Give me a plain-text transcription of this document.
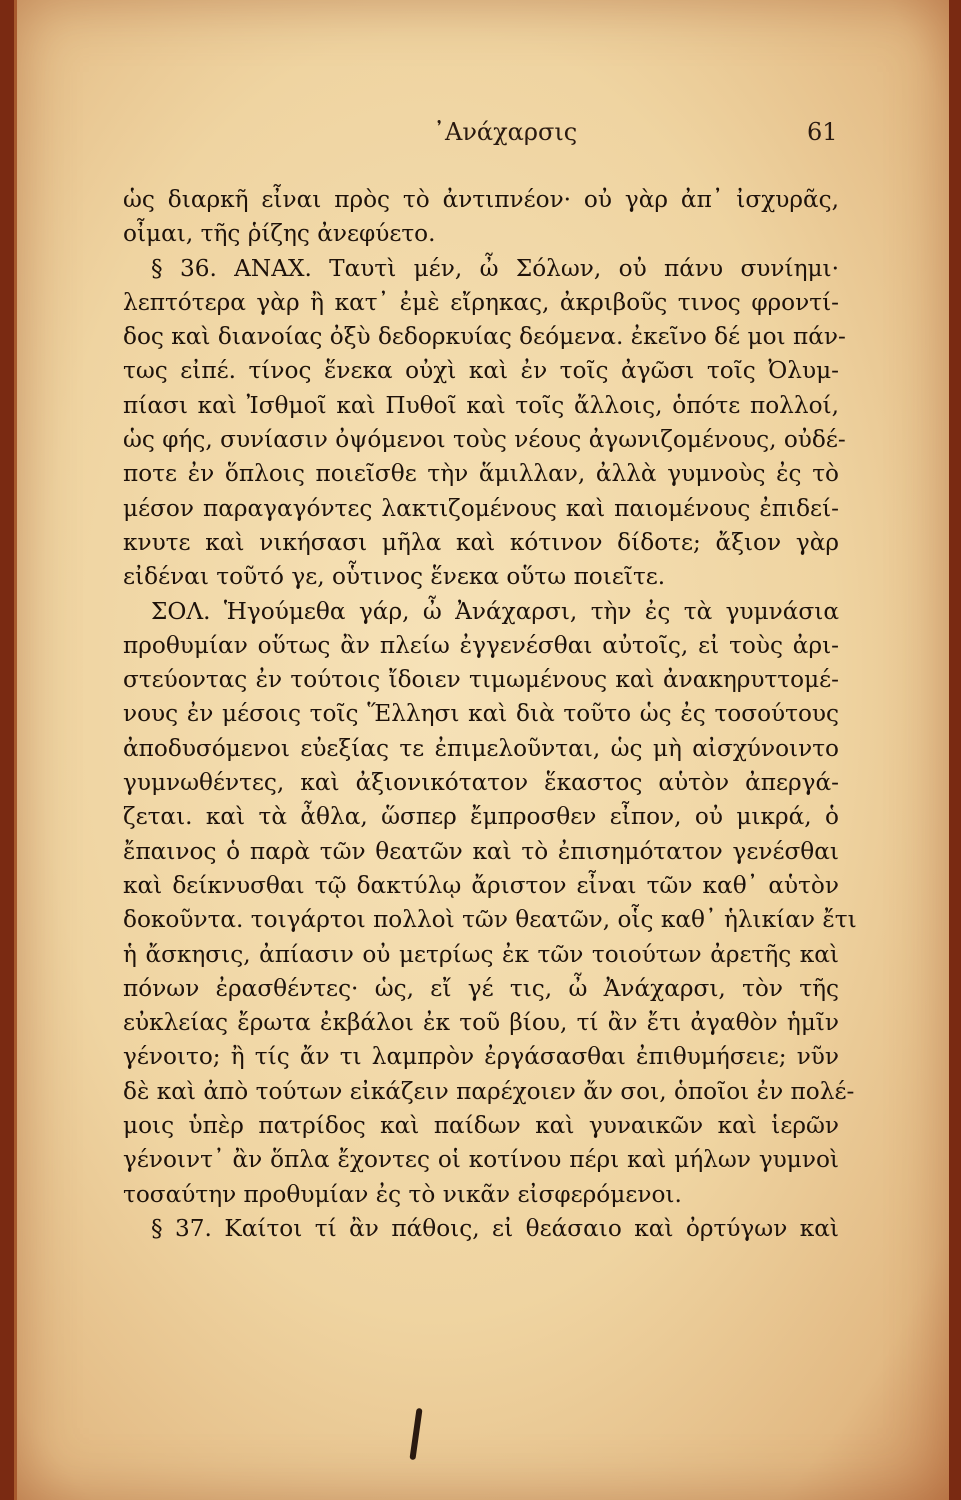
᾿Ανάχαρσις	61
ὡς διαρκῆ εἶναι πρὸς τὸ ἀντιπνέον· οὐ γὰρ ἀπ᾿ ἰσχυρᾶς,
οἶμαι, τῆς ῥίζης ἀνεφύετο.
§ 36. ΑΝΑΧ. Ταυτὶ μέν, ὦ Σόλων, οὐ πάνυ συνίημι·
λεπτότερα γὰρ ἢ κατ᾿ ἐμὲ εἴρηκας, ἀκριβοῦς τινος φροντί-
δος καὶ διανοίας ὀξὺ δεδορκυίας δεόμενα. ἐκεῖνο δέ μοι πάν-
τως εἰπέ. τίνος ἕνεκα οὐχὶ καὶ ἐν τοῖς ἀγῶσι τοῖς Ὀλυμ-
πίασι καὶ Ἰσθμοῖ καὶ Πυθοῖ καὶ τοῖς ἄλλοις, ὁπότε πολλοί,
ὡς φής, συνίασιν ὀψόμενοι τοὺς νέους ἀγωνιζομένους, οὐδέ-
ποτε ἐν ὅπλοις ποιεῖσθε τὴν ἅμιλλαν, ἀλλὰ γυμνοὺς ἐς τὸ
μέσον παραγαγόντες λακτιζομένους καὶ παιομένους ἐπιδεί-
κνυτε καὶ νικήσασι μῆλα καὶ κότινον δίδοτε; ἄξιον γὰρ
εἰδέναι τοῦτό γε, οὗτινος ἕνεκα οὕτω ποιεῖτε.
ΣΟΛ. Ἡγούμεθα γάρ, ὦ Ἀνάχαρσι, τὴν ἐς τὰ γυμνάσια
προθυμίαν οὕτως ἂν πλείω ἐγγενέσθαι αὐτοῖς, εἰ τοὺς ἀρι-
στεύοντας ἐν τούτοις ἴδοιεν τιμωμένους καὶ ἀνακηρυττομέ-
νους ἐν μέσοις τοῖς Ἕλλησι καὶ διὰ τοῦτο ὡς ἐς τοσούτους
ἀποδυσόμενοι εὐεξίας τε ἐπιμελοῦνται, ὡς μὴ αἰσχύνοιντο
γυμνωθέντες, καὶ ἀξιονικότατον ἕκαστος αὑτὸν ἀπεργά-
ζεται. καὶ τὰ ἆθλα, ὥσπερ ἔμπροσθεν εἶπον, οὐ μικρά, ὁ
ἔπαινος ὁ παρὰ τῶν θεατῶν καὶ τὸ ἐπισημότατον γενέσθαι
καὶ δείκνυσθαι τῷ δακτύλῳ ἄριστον εἶναι τῶν καθ᾿ αὑτὸν
δοκοῦντα. τοιγάρτοι πολλοὶ τῶν θεατῶν, οἷς καθ᾿ ἡλικίαν ἔτι
ἡ ἄσκησις, ἀπίασιν οὐ μετρίως ἐκ τῶν τοιούτων ἀρετῆς καὶ
πόνων ἐρασθέντες· ὡς, εἴ γέ τις, ὦ Ἀνάχαρσι, τὸν τῆς
εὐκλείας ἔρωτα ἐκβάλοι ἐκ τοῦ βίου, τί ἂν ἔτι ἀγαθὸν ἡμῖν
γένοιτο; ἢ τίς ἄν τι λαμπρὸν ἐργάσασθαι ἐπιθυμήσειε; νῦν
δὲ καὶ ἀπὸ τούτων εἰκάζειν παρέχοιεν ἄν σοι, ὁποῖοι ἐν πολέ-
μοις ὑπὲρ πατρίδος καὶ παίδων καὶ γυναικῶν καὶ ἱερῶν
γένοιντ᾿ ἂν ὅπλα ἔχοντες οἱ κοτίνου πέρι καὶ μήλων γυμνοὶ
τοσαύτην προθυμίαν ἐς τὸ νικᾶν εἰσφερόμενοι.
§ 37. Καίτοι τί ἂν πάθοις, εἰ θεάσαιο καὶ ὀρτύγων καὶ
